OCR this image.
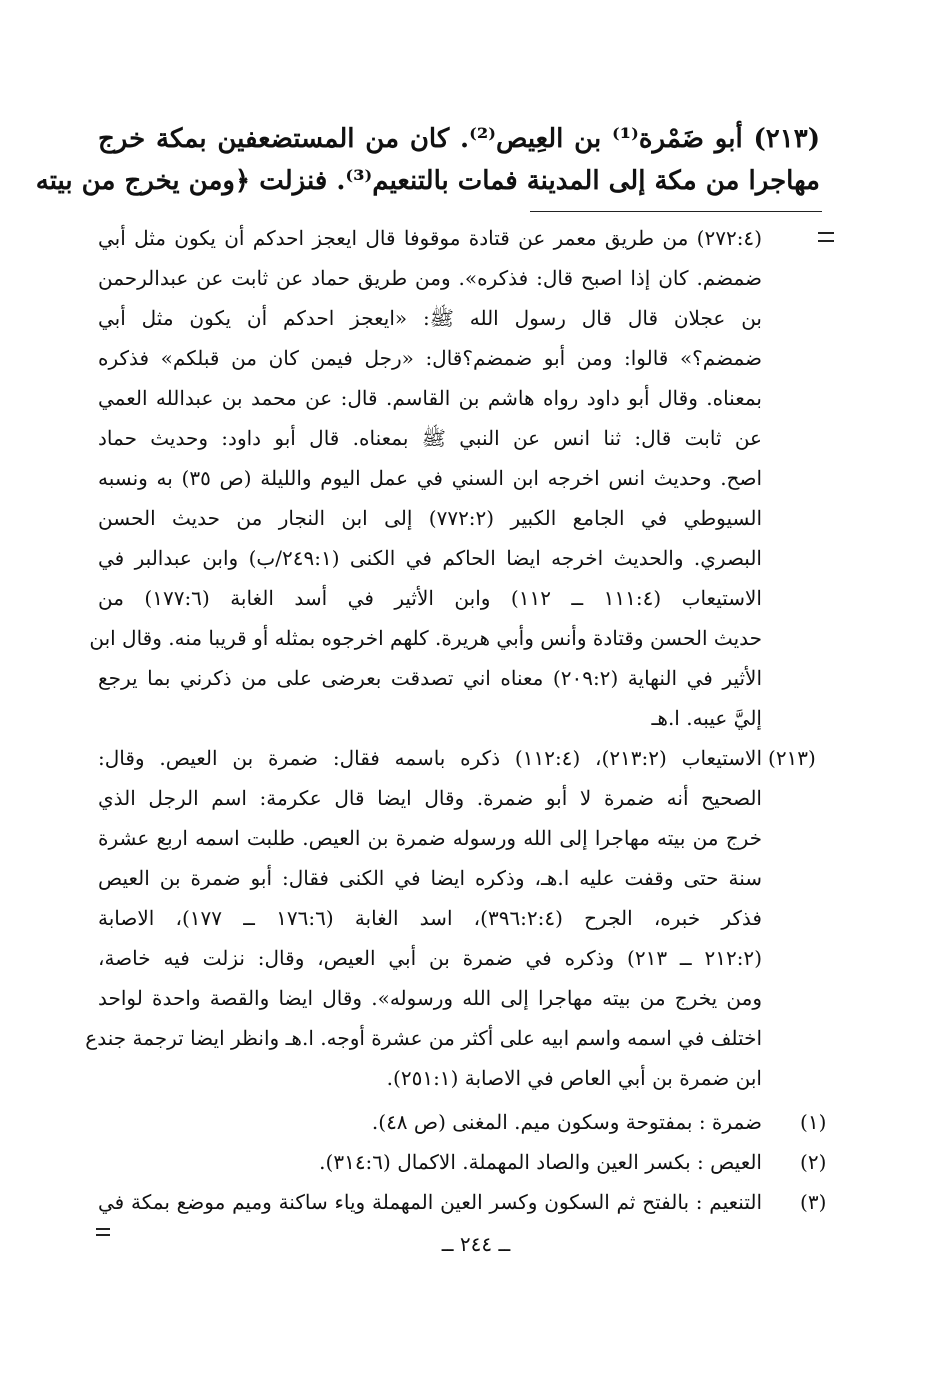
(٢١٣) أبو ضَمْرة⁽¹⁾ بن العِيص⁽²⁾. كان من المستضعفين بمكة خرج
مهاجرا من مكة إلى المدينة فمات بالتنعيم⁽³⁾. فنزلت ﴿ومن يخرج من بيته
(٢٧٢:٤) من طريق معمر عن قتادة موقوفا قال ايعجز احدكم أن يكون مثل أبي
ضمضم. كان إذا اصبح قال: فذكره». ومن طريق حماد عن ثابت عن عبدالرحمن
بن عجلان قال قال رسول الله ﷺ: «ايعجز احدكم أن يكون مثل أبي
ضمضم؟» قالوا: ومن أبو ضمضم؟قال: «رجل فيمن كان من قبلكم» فذكره
بمعناه. وقال أبو داود رواه هاشم بن القاسم. قال: عن محمد بن عبدالله العمي
عن ثابت قال: ثنا انس عن النبي ﷺ بمعناه. قال أبو داود: وحديث حماد
اصح. وحديث انس اخرجه ابن السني في عمل اليوم والليلة (ص ٣٥) به ونسبه
السيوطي في الجامع الكبير (٧٧٢:٢) إلى ابن النجار من حديث الحسن
البصري. والحديث اخرجه ايضا الحاكم في الكنى (٢٤٩:١/ب) وابن عبدالبر في
الاستيعاب (١١١:٤ ــ ١١٢) وابن الأثير في أسد الغابة (١٧٧:٦) من
حديث الحسن وقتادة وأنس وأبي هريرة. كلهم اخرجوه بمثله أو قريبا منه. وقال ابن
الأثير في النهاية (٢٠٩:٢) معناه اني تصدقت بعرضى على من ذكرني بما يرجع
إليَّ عيبه. ا.هـ
(٢١٣)
الاستيعاب (٢١٣:٢)، (١١٢:٤) ذكره باسمه فقال: ضمرة بن العيص. وقال:
الصحيح أنه ضمرة لا أبو ضمرة. وقال ايضا قال عكرمة: اسم الرجل الذي
خرج من بيته مهاجرا إلى الله ورسوله ضمرة بن العيص. طلبت اسمه اربع عشرة
سنة حتى وقفت عليه ا.هـ، وذكره ايضا في الكنى فقال: أبو ضمرة بن العيص
فذكر خبره، الجرح (٣٩٦:٢:٤)، اسد الغابة (١٧٦:٦ ــ ١٧٧)، الاصابة
(٢١٢:٢ ــ ٢١٣) وذكره في ضمرة بن أبي العيص، وقال: نزلت فيه خاصة،
ومن يخرج من بيته مهاجرا إلى الله ورسوله». وقال ايضا والقصة واحدة لواحد
اختلف في اسمه واسم ابيه على أكثر من عشرة أوجه. ا.هـ وانظر ايضا ترجمة جندع
ابن ضمرة بن أبي العاص في الاصابة (٢٥١:١).
(١)
ضمرة : بمفتوحة وسكون ميم. المغنى (ص ٤٨).
(٢)
العيص : بكسر العين والصاد المهملة. الاكمال (٣١٤:٦).
(٣)
التنعيم : بالفتح ثم السكون وكسر العين المهملة وياء ساكنة وميم موضع بمكة في
ــ ٢٤٤ ــ
